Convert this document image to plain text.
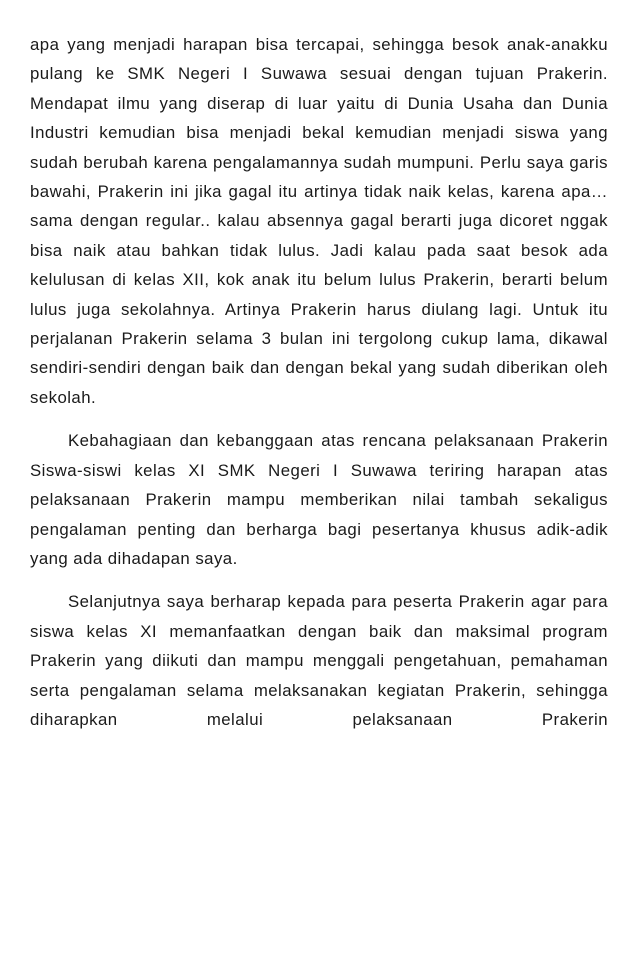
apa yang menjadi harapan bisa tercapai, sehingga besok anak-anakku pulang ke SMK Negeri I Suwawa sesuai dengan tujuan Prakerin. Mendapat ilmu yang diserap di luar yaitu di Dunia Usaha dan Dunia Industri kemudian bisa menjadi bekal kemudian menjadi siswa yang sudah berubah karena pengalamannya sudah mumpuni. Perlu saya garis bawahi, Prakerin ini jika gagal itu artinya tidak naik kelas, karena apa…sama dengan regular.. kalau absennya gagal berarti juga dicoret nggak bisa naik atau bahkan tidak lulus. Jadi kalau pada saat besok ada kelulusan di kelas XII, kok anak itu belum lulus Prakerin, berarti belum lulus juga sekolahnya. Artinya Prakerin harus diulang lagi. Untuk itu perjalanan Prakerin selama 3 bulan ini tergolong cukup lama, dikawal sendiri-sendiri dengan baik dan dengan bekal yang sudah diberikan oleh sekolah.

Kebahagiaan dan kebanggaan atas rencana pelaksanaan Prakerin Siswa-siswi kelas XI SMK Negeri I Suwawa teriring harapan atas pelaksanaan Prakerin mampu memberikan nilai tambah sekaligus pengalaman penting dan berharga bagi pesertanya khusus adik-adik yang ada dihadapan saya.

Selanjutnya saya berharap kepada para peserta Prakerin agar para siswa kelas XI memanfaatkan dengan baik dan maksimal program Prakerin yang diikuti dan mampu menggali pengetahuan, pemahaman serta pengalaman selama melaksanakan kegiatan Prakerin, sehingga diharapkan melalui pelaksanaan Prakerin
